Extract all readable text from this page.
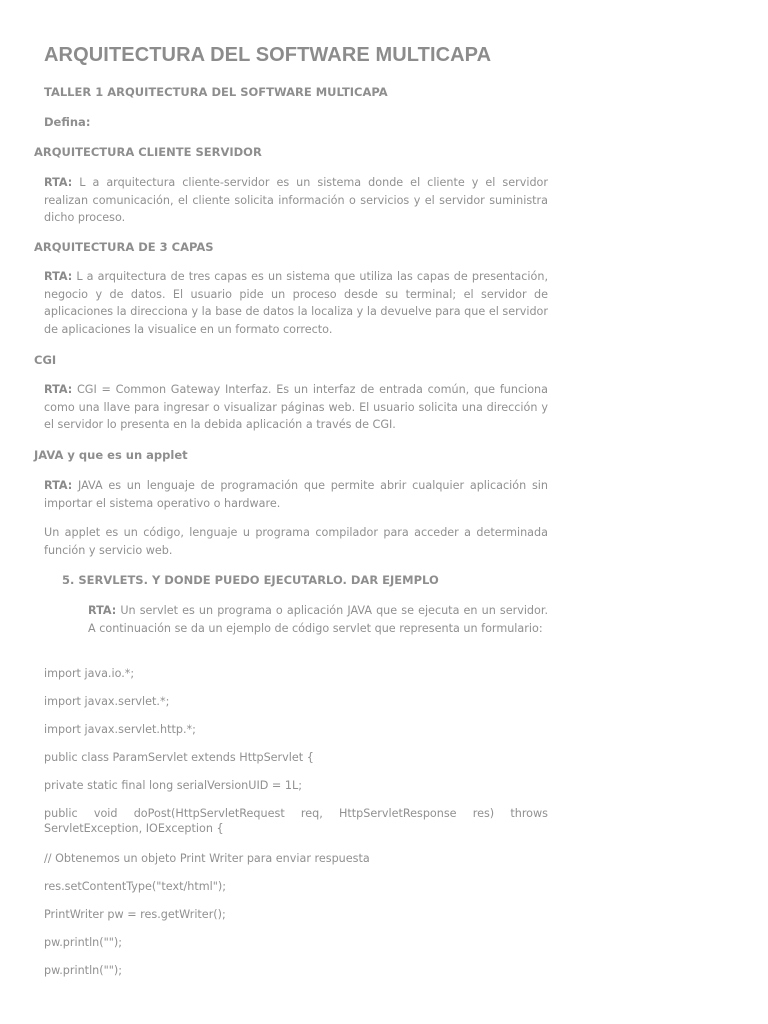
ARQUITECTURA DEL SOFTWARE MULTICAPA
TALLER 1 ARQUITECTURA DEL SOFTWARE MULTICAPA
Defina:
ARQUITECTURA CLIENTE SERVIDOR
RTA: L a arquitectura cliente-servidor es un sistema donde el cliente y el servidor realizan comunicación, el cliente solicita información o servicios y el servidor suministra dicho proceso.
ARQUITECTURA DE 3 CAPAS
RTA: L a arquitectura de tres capas es un sistema que utiliza las capas de presentación, negocio y de datos. El usuario pide un proceso desde su terminal; el servidor de aplicaciones la direcciona y la base de datos la localiza y la devuelve para que el servidor de aplicaciones la visualice en un formato correcto.
CGI
RTA: CGI = Common Gateway Interfaz. Es un interfaz de entrada común, que funciona como una llave para ingresar o visualizar páginas web. El usuario solicita una dirección y el servidor lo presenta en la debida aplicación a través de CGI.
JAVA y que es un applet
RTA: JAVA es un lenguaje de programación que permite abrir cualquier aplicación sin importar el sistema operativo o hardware.
Un applet es un código, lenguaje u programa compilador para acceder a determinada función y servicio web.
5. SERVLETS. Y DONDE PUEDO EJECUTARLO. DAR EJEMPLO
RTA: Un servlet es un programa o aplicación JAVA que se ejecuta en un servidor. A continuación se da un ejemplo de código servlet que representa un formulario:
import java.io.*;
import javax.servlet.*;
import javax.servlet.http.*;
public class ParamServlet extends HttpServlet {
private static final long serialVersionUID = 1L;
public void doPost(HttpServletRequest req, HttpServletResponse res) throws ServletException, IOException {
// Obtenemos un objeto Print Writer para enviar respuesta
res.setContentType("text/html");
PrintWriter pw = res.getWriter();
pw.println("");
pw.println("");
